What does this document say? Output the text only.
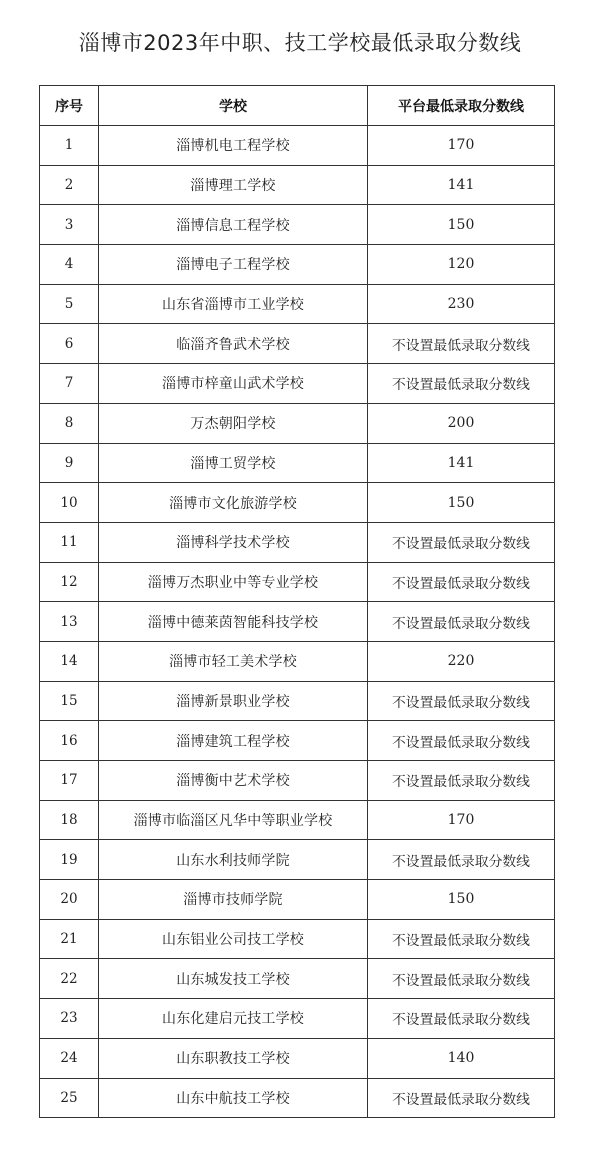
淄博市2023年中职、技工学校最低录取分数线
序号	学校	平台最低录取分数线
1	淄博机电工程学校	170
2	淄博理工学校	141
3	淄博信息工程学校	150
4	淄博电子工程学校	120
5	山东省淄博市工业学校	230
6	临淄齐鲁武术学校	不设置最低录取分数线
7	淄博市梓童山武术学校	不设置最低录取分数线
8	万杰朝阳学校	200
9	淄博工贸学校	141
10	淄博市文化旅游学校	150
11	淄博科学技术学校	不设置最低录取分数线
12	淄博万杰职业中等专业学校	不设置最低录取分数线
13	淄博中德莱茵智能科技学校	不设置最低录取分数线
14	淄博市轻工美术学校	220
15	淄博新景职业学校	不设置最低录取分数线
16	淄博建筑工程学校	不设置最低录取分数线
17	淄博衡中艺术学校	不设置最低录取分数线
18	淄博市临淄区凡华中等职业学校	170
19	山东水利技师学院	不设置最低录取分数线
20	淄博市技师学院	150
21	山东铝业公司技工学校	不设置最低录取分数线
22	山东城发技工学校	不设置最低录取分数线
23	山东化建启元技工学校	不设置最低录取分数线
24	山东职教技工学校	140
25	山东中航技工学校	不设置最低录取分数线
